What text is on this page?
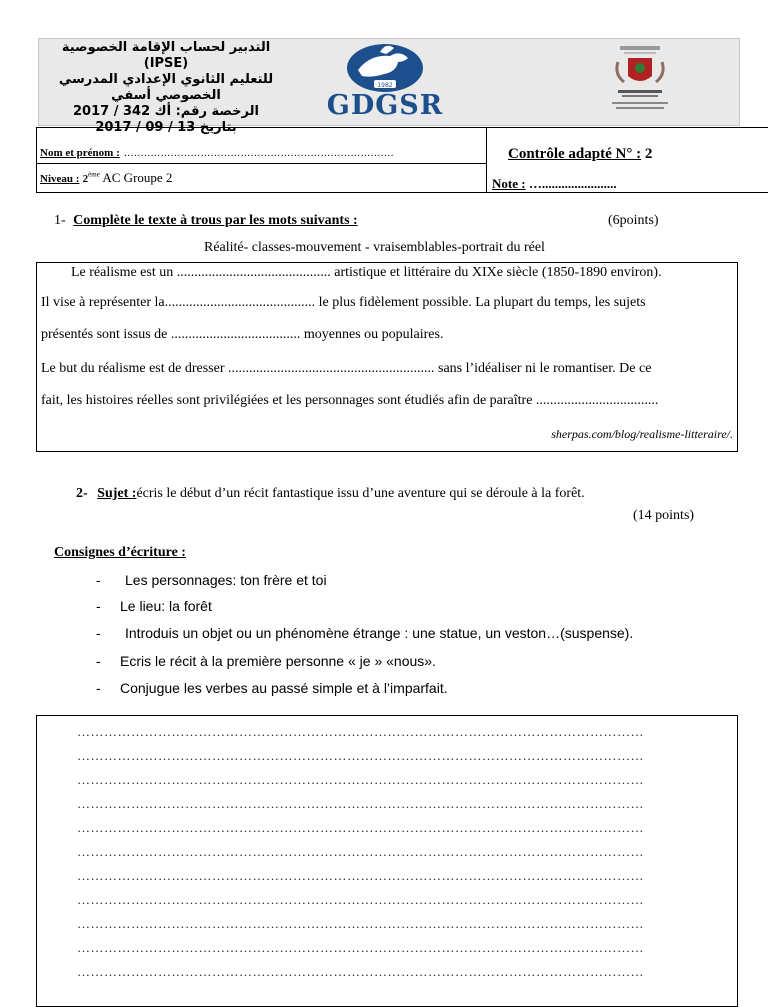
التدبير لحساب الإقامة الخصوصية (IPSE)
للتعليم الثانوي الإعدادي المدرسي
الخصوصي أسفي
الرخصة رقم: أك 342 / 2017
بتاريخ 13 / 09 / 2017
1982
GDGSR
Nom et prénom : ………………………………………………………………………
Niveau : 2ème AC Groupe 2
Contrôle adapté N° : 2
Note : ….......................
1- Complète le texte à trous par les mots suivants :	(6points)
Réalité- classes-mouvement - vraisemblables-portrait du réel
Le réalisme est un ............................................ artistique et littéraire du XIXe siècle (1850-1890 environ).
Il vise à représenter la........................................... le plus fidèlement possible. La plupart du temps, les sujets
présentés sont issus de ..................................... moyennes ou populaires.
Le but du réalisme est de dresser ........................................................... sans l’idéaliser ni le romantiser. De ce
fait, les histoires réelles sont privilégiées et les personnages sont étudiés afin de paraître ...................................
sherpas.com/blog/realisme-litteraire/.
2- Sujet :écris le début d’un récit fantastique issu d’une aventure qui se déroule à la forêt.
(14 points)
Consignes d’écriture :
- Les personnages: ton frère et toi
- Le lieu: la forêt
- Introduis un objet ou un phénomène étrange : une statue, un veston…(suspense).
- Ecris le récit à la première personne « je » «nous».
- Conjugue les verbes au passé simple et à l’imparfait.
………………………………………………………………………………………………………………
………………………………………………………………………………………………………………
………………………………………………………………………………………………………………
………………………………………………………………………………………………………………
………………………………………………………………………………………………………………
………………………………………………………………………………………………………………
………………………………………………………………………………………………………………
………………………………………………………………………………………………………………
………………………………………………………………………………………………………………
………………………………………………………………………………………………………………
………………………………………………………………………………………………………………
